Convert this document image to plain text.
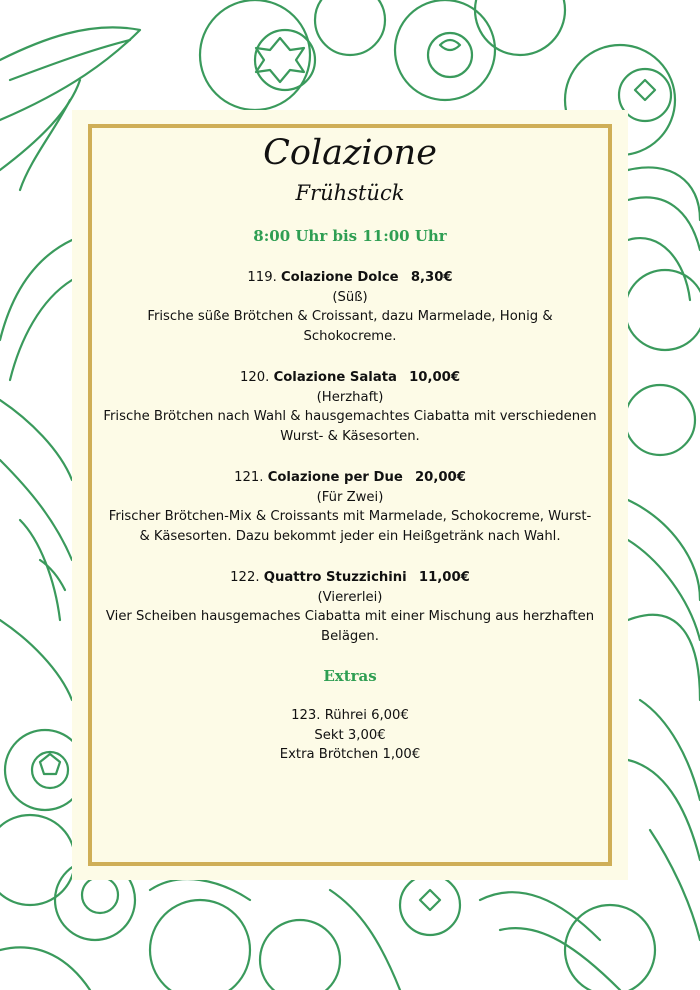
Colazione
Frühstück
8:00 Uhr bis 11:00 Uhr
119. Colazione Dolce 8,30€
(Süß)
Frische süße Brötchen & Croissant, dazu Marmelade, Honig &
Schokocreme.
120. Colazione Salata 10,00€
(Herzhaft)
Frische Brötchen nach Wahl & hausgemachtes Ciabatta mit verschiedenen
Wurst- & Käsesorten.
121. Colazione per Due 20,00€
(Für Zwei)
Frischer Brötchen-Mix & Croissants mit Marmelade, Schokocreme, Wurst-
& Käsesorten. Dazu bekommt jeder ein Heißgetränk nach Wahl.
122. Quattro Stuzzichini 11,00€
(Viererlei)
Vier Scheiben hausgemaches Ciabatta mit einer Mischung aus herzhaften
Belägen.
Extras
123. Rührei 6,00€
Sekt 3,00€
Extra Brötchen 1,00€
